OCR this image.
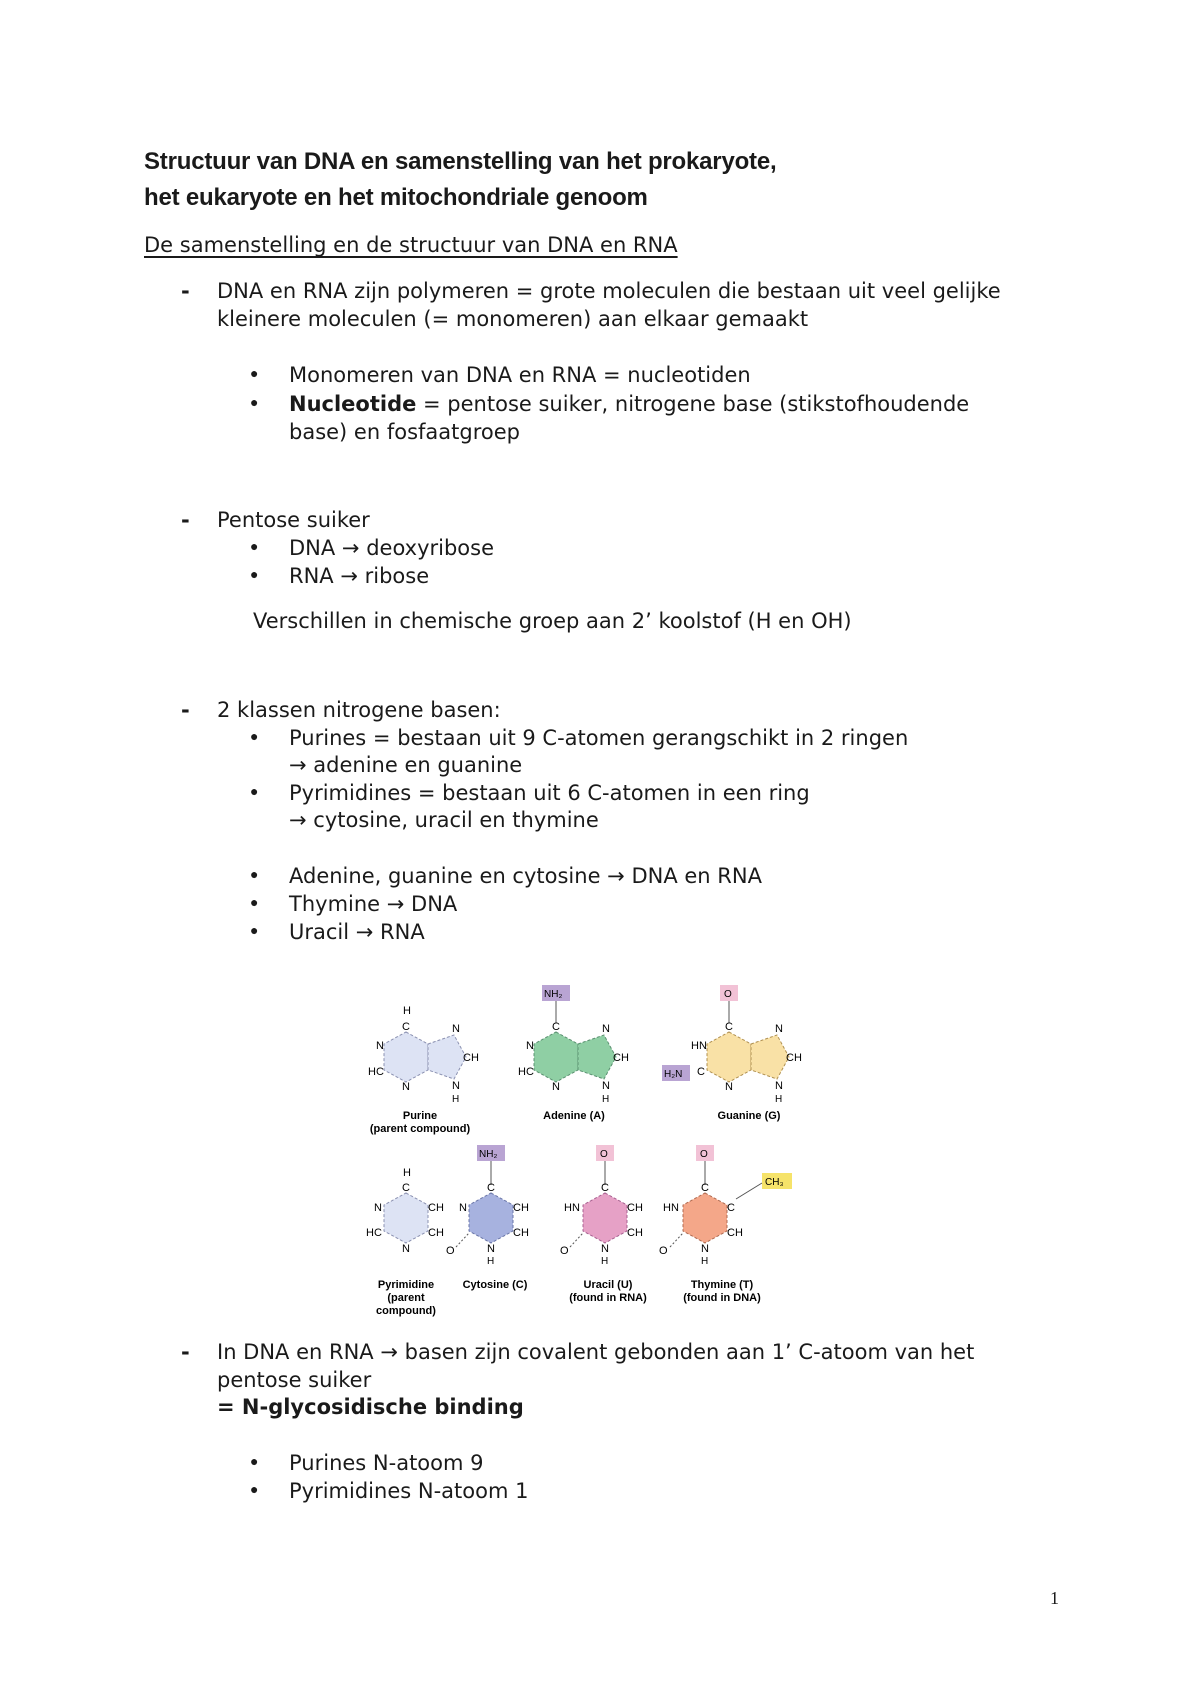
Structuur van DNA en samenstelling van het prokaryote,
het eukaryote en het mitochondriale genoom
De samenstelling en de structuur van DNA en RNA
- DNA en RNA zijn polymeren = grote moleculen die bestaan uit veel gelijke
kleinere moleculen (= monomeren) aan elkaar gemaakt
● Monomeren van DNA en RNA = nucleotiden
● Nucleotide = pentose suiker, nitrogene base (stikstofhoudende
base) en fosfaatgroep
- Pentose suiker
● DNA → deoxyribose
● RNA → ribose
Verschillen in chemische groep aan 2’ koolstof (H en OH)
- 2 klassen nitrogene basen:
● Purines = bestaan uit 9 C-atomen gerangschikt in 2 ringen
→ adenine en guanine
● Pyrimidines = bestaan uit 6 C-atomen in een ring
→ cytosine, uracil en thymine
● Adenine, guanine en cytosine → DNA en RNA
● Thymine → DNA
● Uracil → RNA
H
C
N
HC
N
N
CH
N
H
NH₂
C
N
HC
N
N
CH
N
H
H₂N
O
C
HN
C
N
N
CH
N
H
Purine
(parent compound)
Adenine (A)	Guanine (G)
H
C
N	CH
HC	CH
N
NH₂
C
N	CH
CH
O	N
H
O
C
HN	CH
CH
O	N
H
O
CH₃
C
HN	C
CH
O	N
H
Pyrimidine
(parent
compound)
Cytosine (C)	Uracil (U)
(found in RNA)
Thymine (T)
(found in DNA)
- In DNA en RNA → basen zijn covalent gebonden aan 1’ C-atoom van het
pentose suiker
= N-glycosidische binding
● Purines N-atoom 9
● Pyrimidines N-atoom 1
1
